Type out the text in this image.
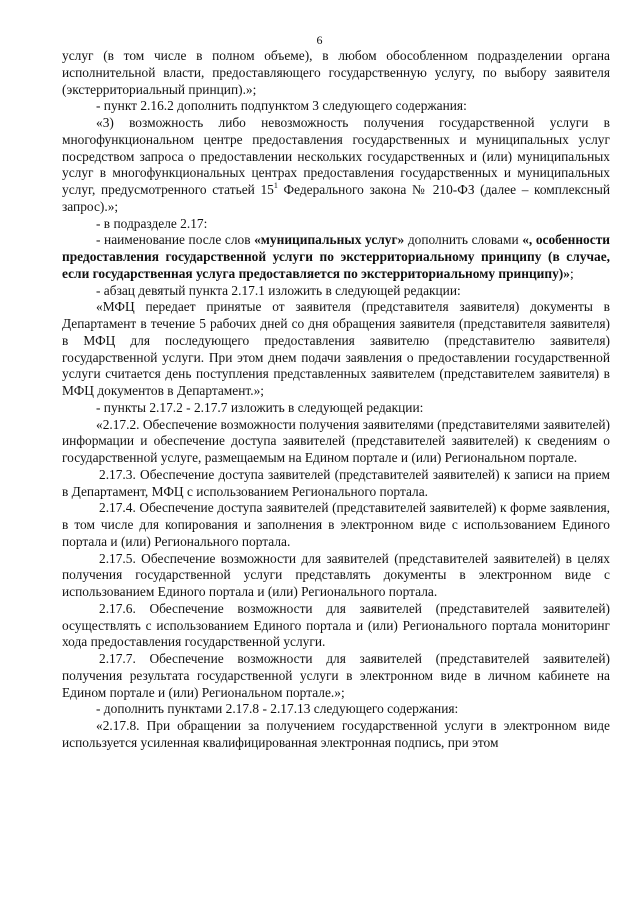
6

услуг (в том числе в полном объеме), в любом обособленном подразделении органа исполнительной власти, предоставляющего государственную услугу, по выбору заявителя (экстерриториальный принцип).»;

- пункт 2.16.2 дополнить подпунктом 3 следующего содержания:

«3) возможность либо невозможность получения государственной услуги в многофункциональном центре предоставления государственных и муниципальных услуг посредством запроса о предоставлении нескольких государственных и (или) муниципальных услуг в многофункциональных центрах предоставления государственных и муниципальных услуг, предусмотренного статьей $15^1$ Федерального закона № 210-ФЗ (далее – комплексный запрос).»;

- в подразделе 2.17:

- наименование после слов «муниципальных услуг» дополнить словами «, особенности предоставления государственной услуги по экстерриториальному принципу (в случае, если государственная услуга предоставляется по экстерриториальному принципу)»;

- абзац девятый пункта 2.17.1 изложить в следующей редакции:

«МФЦ передает принятые от заявителя (представителя заявителя) документы в Департамент в течение 5 рабочих дней со дня обращения заявителя (представителя заявителя) в МФЦ для последующего предоставления заявителю (представителю заявителя) государственной услуги. При этом днем подачи заявления о предоставлении государственной услуги считается день поступления представленных заявителем (представителем заявителя) в МФЦ документов в Департамент.»;

- пункты 2.17.2 - 2.17.7 изложить в следующей редакции:

«2.17.2. Обеспечение возможности получения заявителями (представителями заявителей) информации и обеспечение доступа заявителей (представителей заявителей) к сведениям о государственной услуге, размещаемым на Едином портале и (или) Региональном портале.

2.17.3. Обеспечение доступа заявителей (представителей заявителей) к записи на прием в Департамент, МФЦ с использованием Регионального портала.

2.17.4. Обеспечение доступа заявителей (представителей заявителей) к форме заявления, в том числе для копирования и заполнения в электронном виде с использованием Единого портала и (или) Регионального портала.

2.17.5. Обеспечение возможности для заявителей (представителей заявителей) в целях получения государственной услуги представлять документы в электронном виде с использованием Единого портала и (или) Регионального портала.

2.17.6. Обеспечение возможности для заявителей (представителей заявителей) осуществлять с использованием Единого портала и (или) Регионального портала мониторинг хода предоставления государственной услуги.

2.17.7. Обеспечение возможности для заявителей (представителей заявителей) получения результата государственной услуги в электронном виде в личном кабинете на Едином портале и (или) Региональном портале.»;

- дополнить пунктами 2.17.8 - 2.17.13 следующего содержания:

«2.17.8. При обращении за получением государственной услуги в электронном виде используется усиленная квалифицированная электронная подпись, при этом
